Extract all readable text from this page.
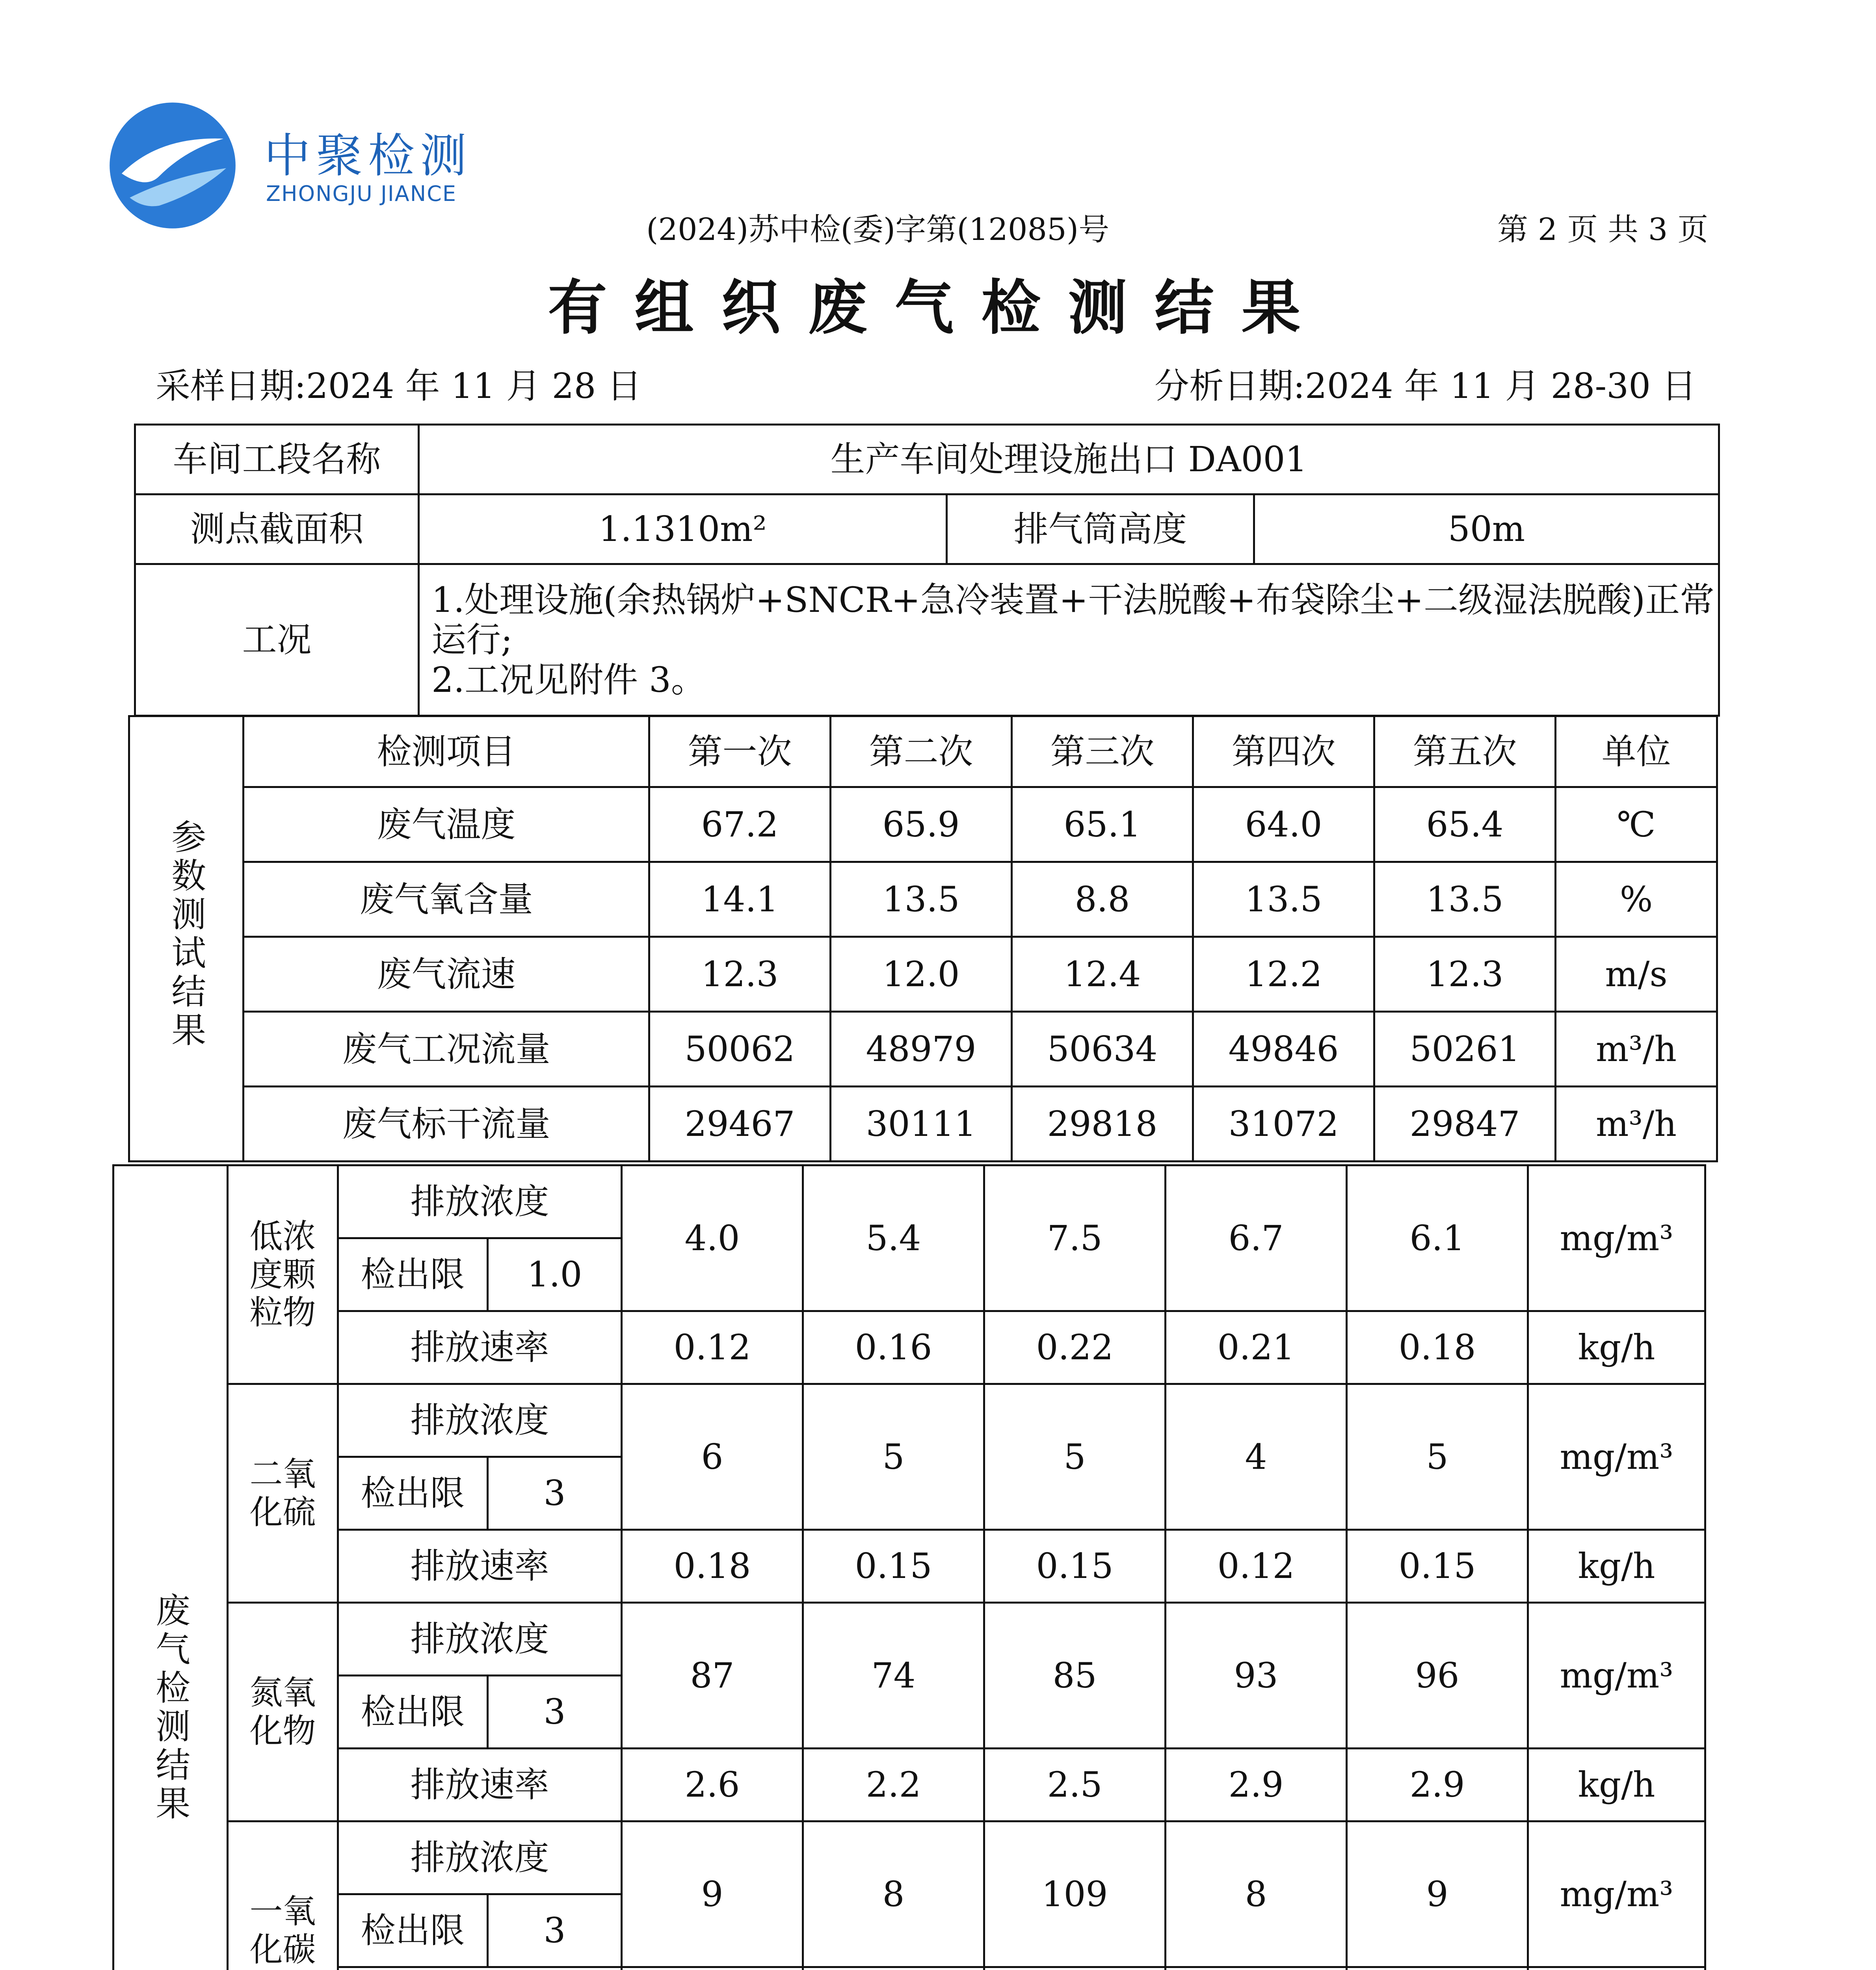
中聚检测
ZHONGJU JIANCE
(2024)苏中检(委)字第(12085)号	第 2 页 共 3 页
有组织废气检测结果
采样日期:2024 年 11 月 28 日	分析日期:2024 年 11 月 28-30 日
车间工段名称	生产车间处理设施出口 DA001		
测点截面积	1.1310m²	排气筒高度	50m
工况	1.处理设施(余热锅炉+SNCR+急冷装置+干法脱酸+布袋除尘+二级湿法脱酸)正常运行;
2.工况见附件 3。		
参数测试结果	检测项目	第一次	第二次	第三次	第四次	第五次	单位
	废气温度	67.2	65.9	65.1	64.0	65.4	℃
	废气氧含量	14.1	13.5	8.8	13.5	13.5	%
	废气流速	12.3	12.0	12.4	12.2	12.3	m/s
	废气工况流量	50062	48979	50634	49846	50261	m³/h
	废气标干流量	29467	30111	29818	31072	29847	m³/h
废气检测结果	低浓度颗粒物	排放浓度		4.0	5.4	7.5	6.7	6.1	mg/m³
		检出限	1.0						
		排放速率		0.12	0.16	0.22	0.21	0.18	kg/h
	二氧化硫	排放浓度		6	5	5	4	5	mg/m³
		检出限	3						
		排放速率		0.18	0.15	0.15	0.12	0.15	kg/h
	氮氧化物	排放浓度		87	74	85	93	96	mg/m³
		检出限	3						
		排放速率		2.6	2.2	2.5	2.9	2.9	kg/h
	一氧化碳	排放浓度		9	8	109	8	9	mg/m³
		检出限	3						
